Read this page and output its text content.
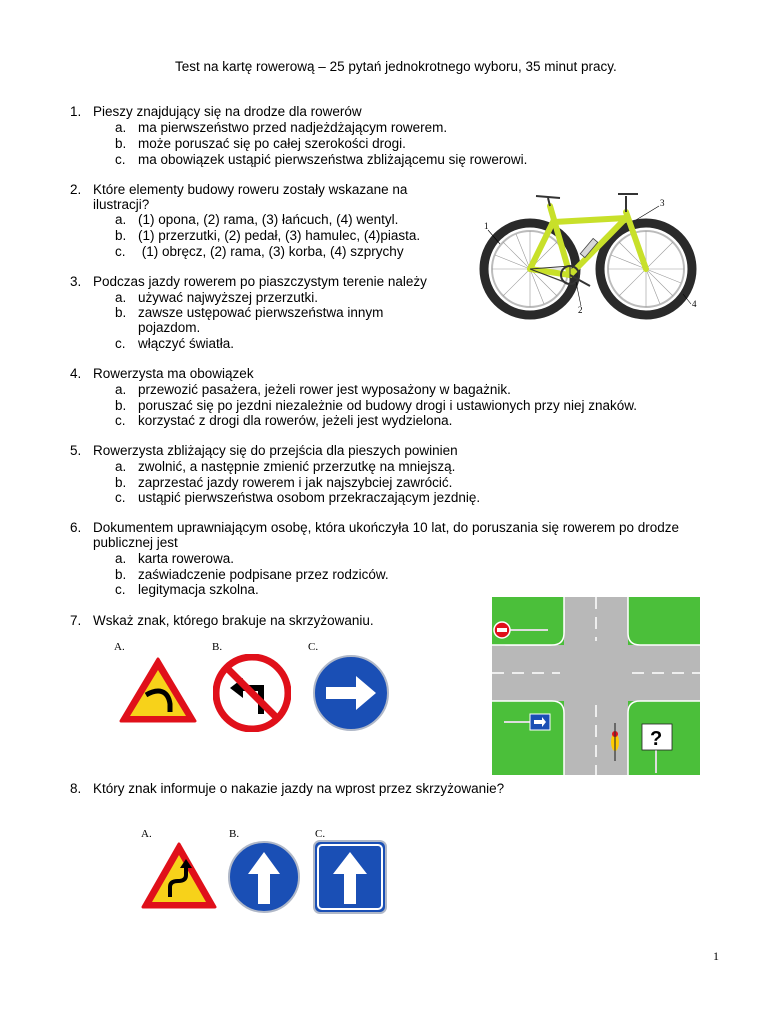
Test na kartę rowerową – 25 pytań jednokrotnego wyboru, 35 minut pracy.
1. Pieszy znajdujący się na drodze dla rowerów
a. ma pierwszeństwo przed nadjeżdżającym rowerem.
b. może poruszać się po całej szerokości drogi.
c. ma obowiązek ustąpić pierwszeństwa zbliżającemu się rowerowi.
2. Które elementy budowy roweru zostały wskazane na
ilustracji?
a. (1) opona, (2) rama, (3) łańcuch, (4) wentyl.
b. (1) przerzutki, (2) pedał, (3) hamulec, (4)piasta.
c. (1) obręcz, (2) rama, (3) korba, (4) szprychy
1
2
3
4
3. Podczas jazdy rowerem po piaszczystym terenie należy
a. używać najwyższej przerzutki.
b. zawsze ustępować pierwszeństwa innym
pojazdom.
c. włączyć światła.
4. Rowerzysta ma obowiązek
a. przewozić pasażera, jeżeli rower jest wyposażony w bagażnik.
b. poruszać się po jezdni niezależnie od budowy drogi i ustawionych przy niej znaków.
c. korzystać z drogi dla rowerów, jeżeli jest wydzielona.
5. Rowerzysta zbliżający się do przejścia dla pieszych powinien
a. zwolnić, a następnie zmienić przerzutkę na mniejszą.
b. zaprzestać jazdy rowerem i jak najszybciej zawrócić.
c. ustąpić pierwszeństwa osobom przekraczającym jezdnię.
6. Dokumentem uprawniającym osobę, która ukończyła 10 lat, do poruszania się rowerem po drodze
publicznej jest
a. karta rowerowa.
b. zaświadczenie podpisane przez rodziców.
c. legitymacja szkolna.
7. Wskaż znak, którego brakuje na skrzyżowaniu.
A.	B.	C.
?
8. Który znak informuje o nakazie jazdy na wprost przez skrzyżowanie?
A.	B.	C.
1
